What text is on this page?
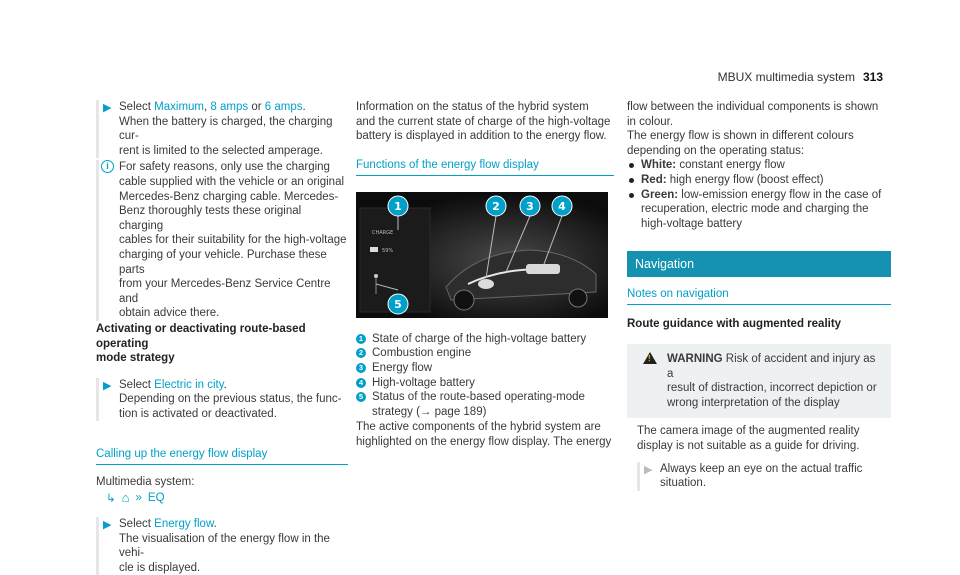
MBUX multimedia system 313
▶ Select Maximum, 8 amps or 6 amps.

When the battery is charged, the charging cur-

rent is limited to the selected amperage.

i For safety reasons, only use the charging

cable supplied with the vehicle or an original

Mercedes-Benz charging cable. Mercedes-

Benz thoroughly tests these original charging

cables for their suitability for the high-voltage

charging of your vehicle. Purchase these parts

from your Mercedes-Benz Service Centre and

obtain advice there.

Activating or deactivating route-based operating

mode strategy

▶ Select Electric in city.

Depending on the previous status, the func-

tion is activated or deactivated.

Calling up the energy flow display

Multimedia system:

↳ ⌂ » EQ
▶ Select Energy flow.

The visualisation of the energy flow in the vehi-

cle is displayed.

Information on the status of the hybrid system

and the current state of charge of the high-voltage

battery is displayed in addition to the energy flow.

Functions of the energy flow display
CHARGE
59%
1	2 3 4
5
1 State of charge of the high-voltage battery
2 Combustion engine
3 Energy flow
4 High-voltage battery
5 Status of the route-based operating-mode
strategy (→ page 189)

The active components of the hybrid system are

highlighted on the energy flow display. The energy

flow between the individual components is shown

in colour.

The energy flow is shown in different colours

depending on the operating status:

White: constant energy flow
Red: high energy flow (boost effect)
Green: low-emission energy flow in the case of
recuperation, electric mode and charging the
high-voltage battery
Navigation
Notes on navigation

Route guidance with augmented reality

!

WARNING Risk of accident and injury as a

result of distraction, incorrect depiction or

wrong interpretation of the display

The camera image of the augmented reality

display is not suitable as a guide for driving.

▶ Always keep an eye on the actual traffic

situation.
